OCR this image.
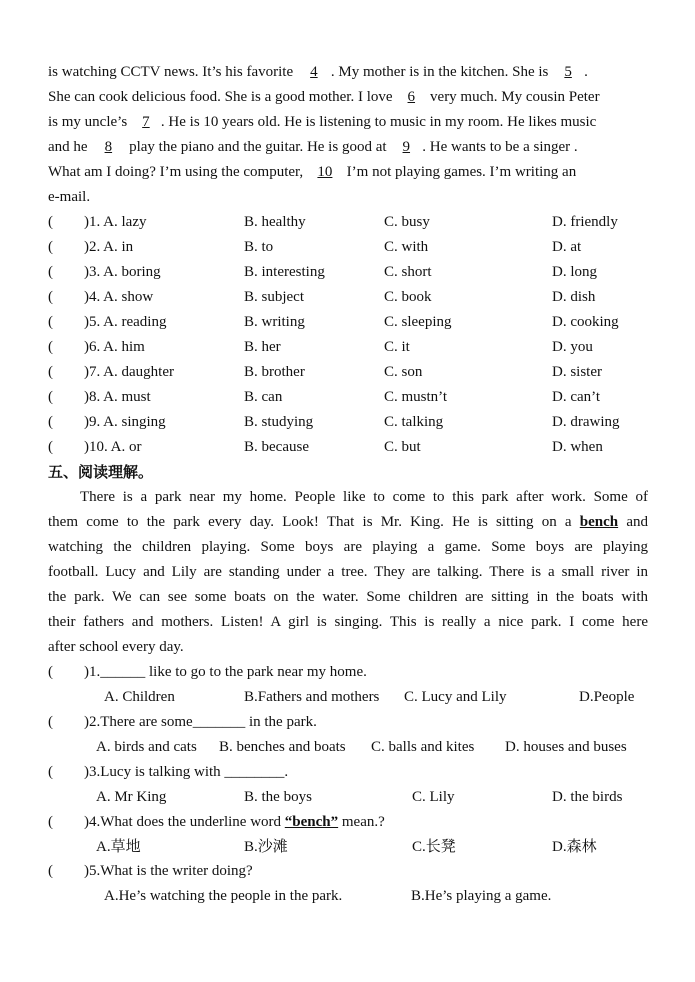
is watching CCTV news. It’s his favorite 4 . My mother is in the kitchen. She is 5 .
She can cook delicious food. She is a good mother. I love 6 very much. My cousin Peter
is my uncle’s 7 . He is 10 years old. He is listening to music in my room. He likes music
and he 8 play the piano and the guitar. He is good at 9 . He wants to be a singer .
What am I doing? I’m using the computer, 10 I’m not playing games. I’m writing an
e-mail.
( )1. A. lazy	B. healthy	C. busy	D. friendly
( )2. A. in	B. to	C. with	D. at
( )3. A. boring	B. interesting	C. short	D. long
( )4. A. show	B. subject	C. book	D. dish
( )5. A. reading	B. writing	C. sleeping	D. cooking
( )6. A. him	B. her	C. it	D. you
( )7. A. daughter	B. brother	C. son	D. sister
( )8. A. must	B. can	C. mustn’t	D. can’t
( )9. A. singing	B. studying	C. talking	D. drawing
( )10. A. or	B. because	C. but	D. when
五、阅读理解。
There is a park near my home. People like to come to this park after work. Some of
them come to the park every day. Look! That is Mr. King. He is sitting on a bench and
watching the children playing. Some boys are playing a game. Some boys are playing
football. Lucy and Lily are standing under a tree. They are talking. There is a small river in
the park. We can see some boats on the water. Some children are sitting in the boats with
their fathers and mothers. Listen! A girl is singing. This is really a nice park. I come here
after school every day.
( )1.______ like to go to the park near my home.
A. Children	B.Fathers and mothers C. Lucy and Lily	D.People
( )2.There are some_______ in the park.
A. birds and cats B. benches and boats C. balls and kites D. houses and buses
( )3.Lucy is talking with ________.
A. Mr King	B. the boys	C. Lily	D. the birds
( )4.What does the underline word “bench” mean.?
A.草地	B.沙滩	C.长凳	D.森林
( )5.What is the writer doing?
A.He’s watching the people in the park.	B.He’s playing a game.
